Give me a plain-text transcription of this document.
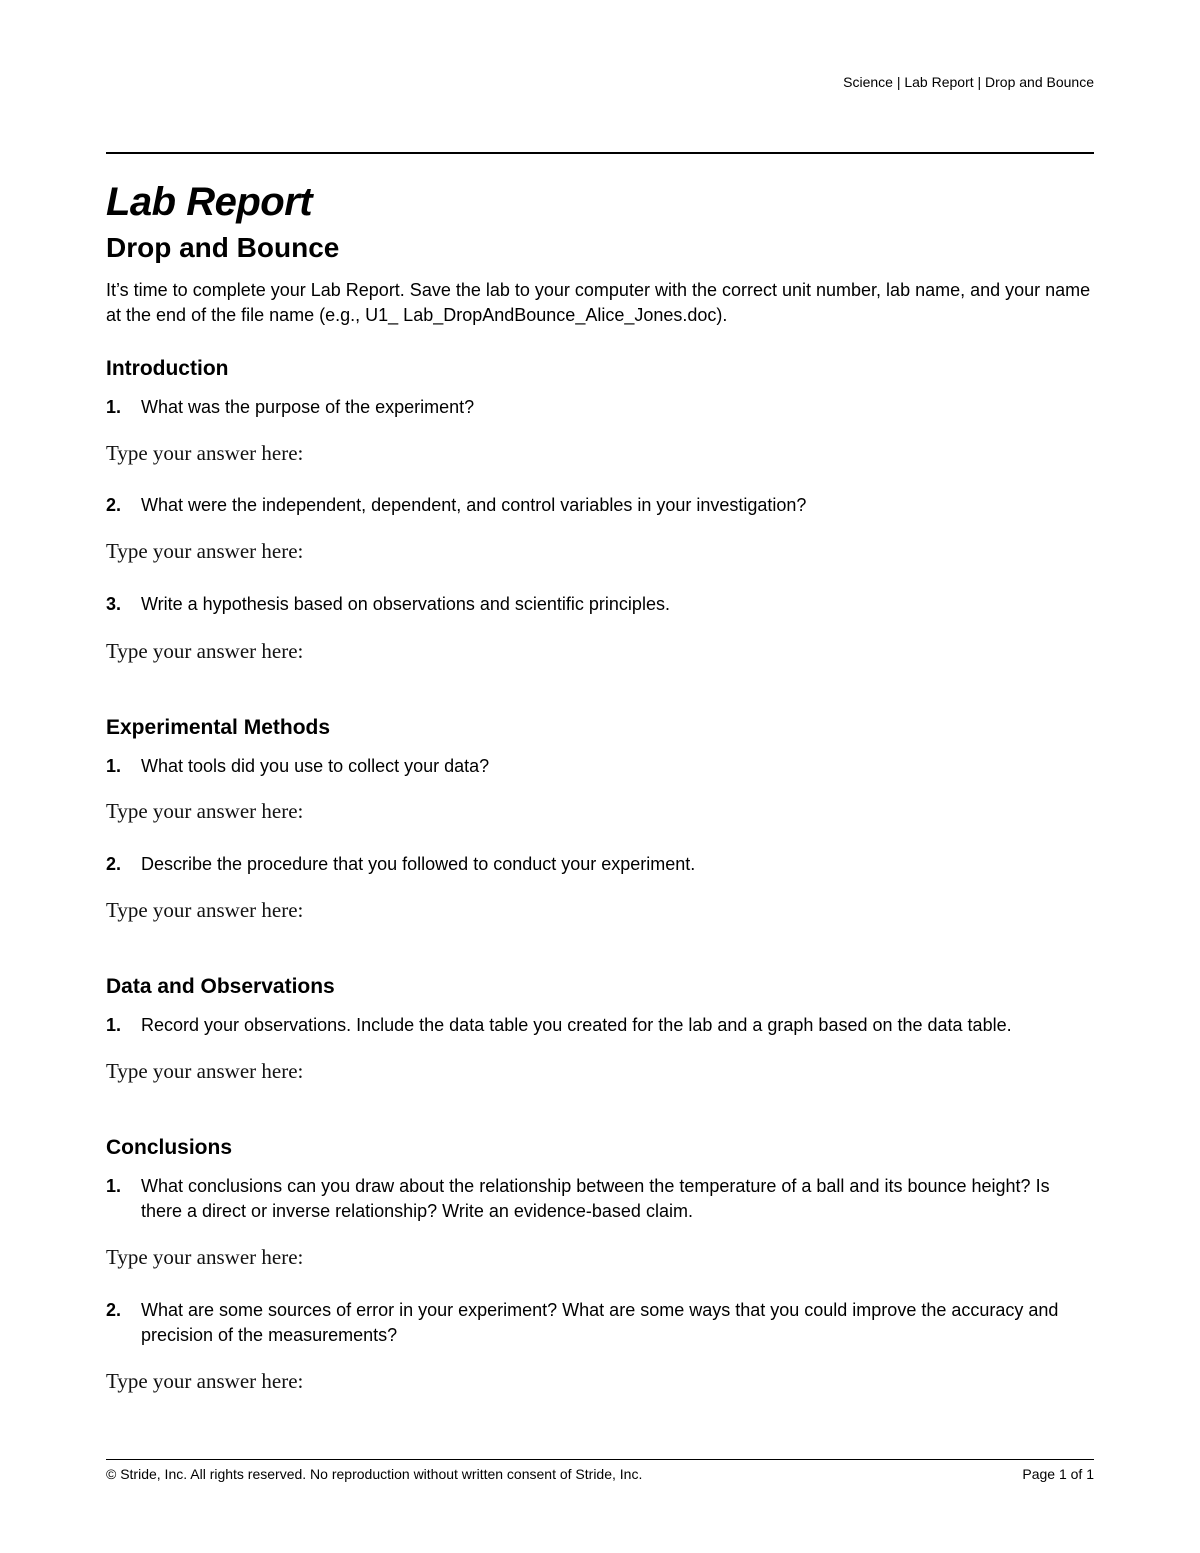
Science | Lab Report | Drop and Bounce
Lab Report
Drop and Bounce

It’s time to complete your Lab Report. Save the lab to your computer with the correct unit number, lab name, and your name at the end of the file name (e.g., U1_ Lab_DropAndBounce_Alice_Jones.doc).

Introduction
1.	What was the purpose of the experiment?

Type your answer here:

2.	What were the independent, dependent, and control variables in your investigation?

Type your answer here:

3.	Write a hypothesis based on observations and scientific principles.

Type your answer here:

Experimental Methods
1.	What tools did you use to collect your data?

Type your answer here:

2.	Describe the procedure that you followed to conduct your experiment.

Type your answer here:

Data and Observations
1.	Record your observations. Include the data table you created for the lab and a graph based on the data table.

Type your answer here:

Conclusions
1.	What conclusions can you draw about the relationship between the temperature of a ball and its bounce height? Is there a direct or inverse relationship? Write an evidence-based claim.

Type your answer here:

2.	What are some sources of error in your experiment? What are some ways that you could improve the accuracy and precision of the measurements?

Type your answer here:

© Stride, Inc. All rights reserved. No reproduction without written consent of Stride, Inc.	Page 1 of 1
